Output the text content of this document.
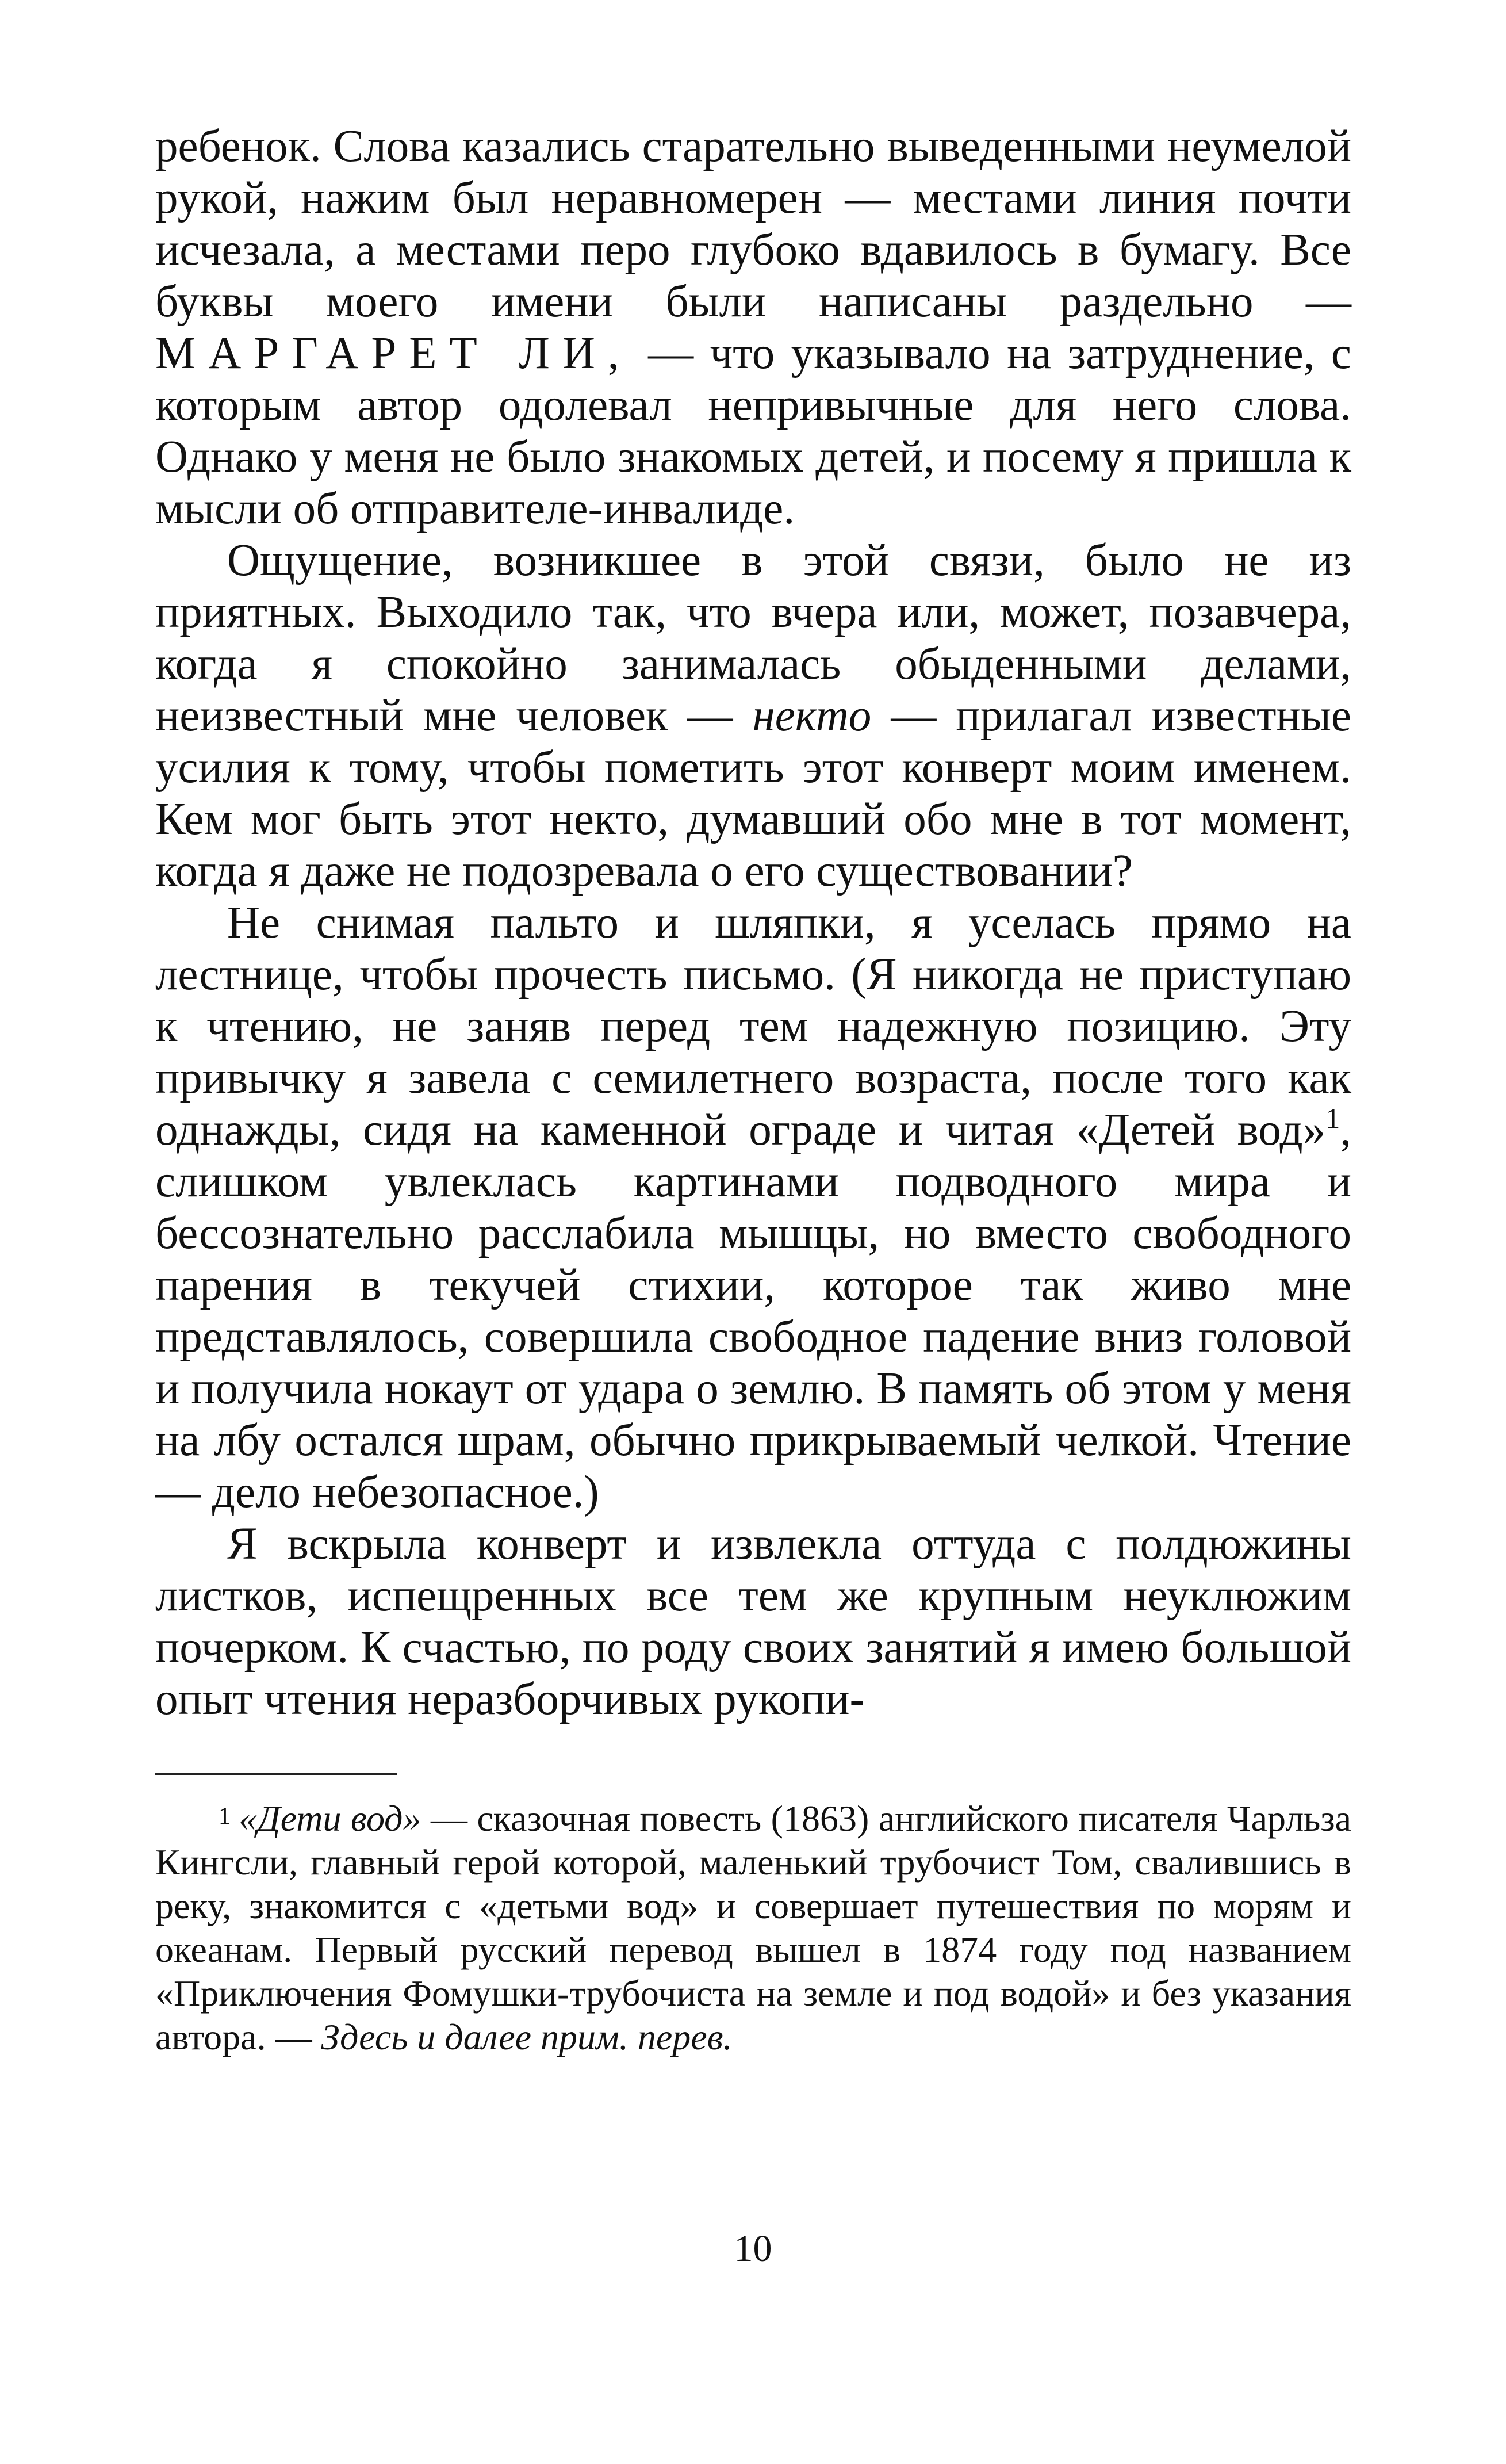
ребенок. Слова казались старательно выведенными неумелой рукой, нажим был неравномерен — местами линия почти исчезала, а местами перо глубоко вдавилось в бумагу. Все буквы моего имени были написаны раздельно — МАРГАРЕТ ЛИ, — что указывало на затруднение, с которым автор одолевал непривычные для него слова. Однако у меня не было знакомых детей, и посему я пришла к мысли об отправителе-инвалиде.

Ощущение, возникшее в этой связи, было не из приятных. Выходило так, что вчера или, может, позавчера, когда я спокойно занималась обыденными делами, неизвестный мне человек — некто — прилагал известные усилия к тому, чтобы пометить этот конверт моим именем. Кем мог быть этот некто, думавший обо мне в тот момент, когда я даже не подозревала о его существовании?

Не снимая пальто и шляпки, я уселась прямо на лестнице, чтобы прочесть письмо. (Я никогда не приступаю к чтению, не заняв перед тем надежную позицию. Эту привычку я завела с семилетнего возраста, после того как однажды, сидя на каменной ограде и читая «Детей вод»$^1$, слишком увлеклась картинами подводного мира и бессознательно расслабила мышцы, но вместо свободного парения в текучей стихии, которое так живо мне представлялось, совершила свободное падение вниз головой и получила нокаут от удара о землю. В память об этом у меня на лбу остался шрам, обычно прикрываемый челкой. Чтение — дело небезопасное.)

Я вскрыла конверт и извлекла оттуда с полдюжины листков, испещренных все тем же крупным неуклюжим почерком. К счастью, по роду своих занятий я имею большой опыт чтения неразборчивых рукопи-

$^1$ «Дети вод» — сказочная повесть (1863) английского писателя Чарльза Кингсли, главный герой которой, маленький трубочист Том, свалившись в реку, знакомится с «детьми вод» и совершает путешествия по морям и океанам. Первый русский перевод вышел в 1874 году под названием «Приключения Фомушки-трубочиста на земле и под водой» и без указания автора. — Здесь и далее прим. перев.

10
